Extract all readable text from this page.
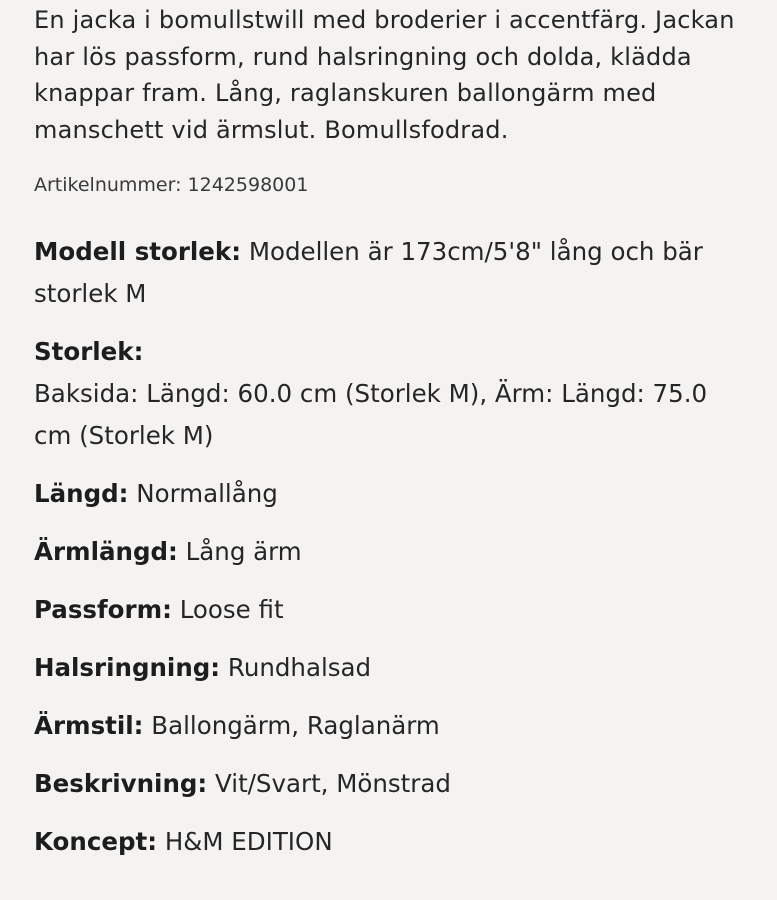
En jacka i bomullstwill med broderier i accentfärg. Jackan har lös passform, rund halsringning och dolda, klädda knappar fram. Lång, raglanskuren ballongärm med manschett vid ärmslut. Bomullsfodrad.

Artikelnummer: 1242598001

Modell storlek: Modellen är 173cm/5'8" lång och bär storlek M
Storlek:
Baksida: Längd: 60.0 cm (Storlek M), Ärm: Längd: 75.0 cm (Storlek M)
Längd: Normallång
Ärmlängd: Lång ärm
Passform: Loose fit
Halsringning: Rundhalsad
Ärmstil: Ballongärm, Raglanärm
Beskrivning: Vit/Svart, Mönstrad
Koncept: H&M EDITION
